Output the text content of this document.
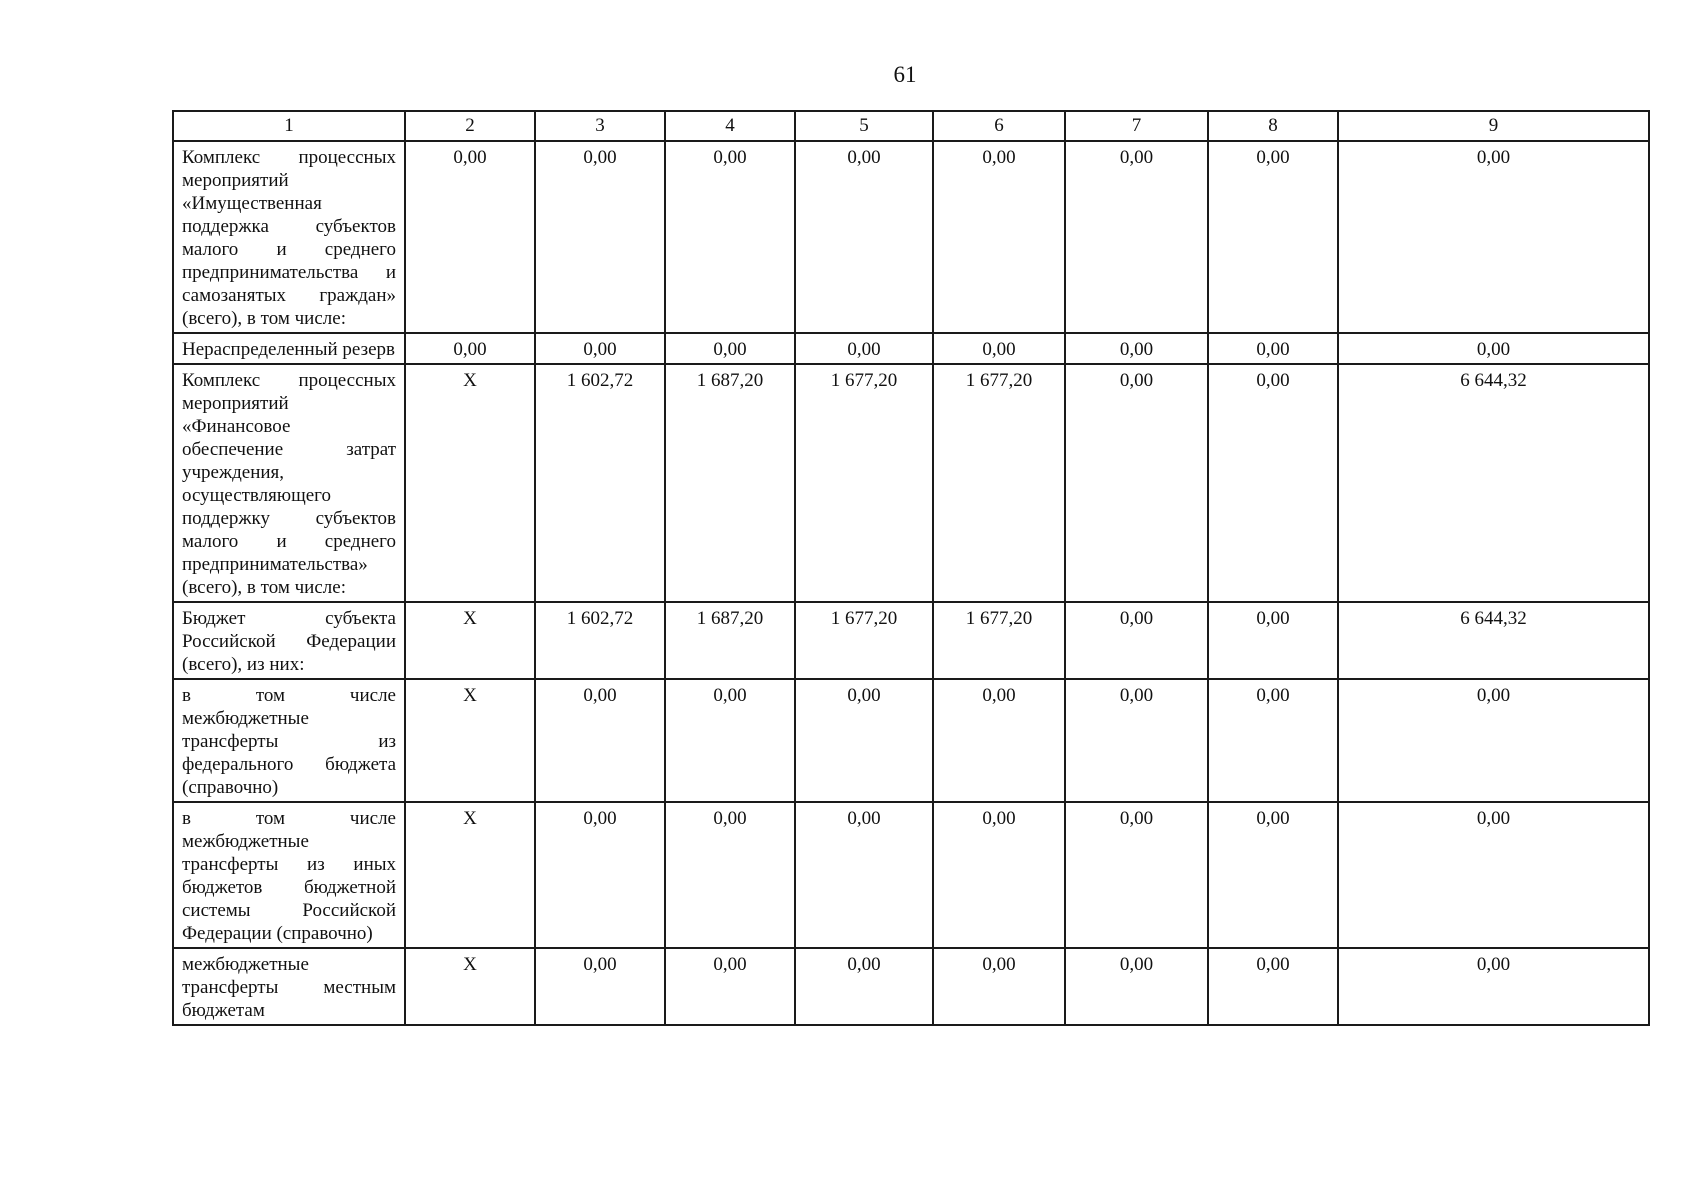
61
1	2	3	4	5	6	7	8	9
Комплекс процессных мероприятий «Имущественная поддержка субъектов малого и среднего предпринимательства и самозанятых граждан» (всего), в том числе:	0,00	0,00	0,00	0,00	0,00	0,00	0,00	0,00
Нераспределенный резерв	0,00	0,00	0,00	0,00	0,00	0,00	0,00	0,00
Комплекс процессных мероприятий «Финансовое обеспечение затрат учреждения, осуществляющего поддержку субъектов малого и среднего предпринимательства» (всего), в том числе:	X	1 602,72	1 687,20	1 677,20	1 677,20	0,00	0,00	6 644,32
Бюджет субъекта Российской Федерации (всего), из них:	X	1 602,72	1 687,20	1 677,20	1 677,20	0,00	0,00	6 644,32
в том числе межбюджетные трансферты из федерального бюджета (справочно)	X	0,00	0,00	0,00	0,00	0,00	0,00	0,00
в том числе межбюджетные трансферты из иных бюджетов бюджетной системы Российской Федерации (справочно)	X	0,00	0,00	0,00	0,00	0,00	0,00	0,00
межбюджетные трансферты местным бюджетам	X	0,00	0,00	0,00	0,00	0,00	0,00	0,00
